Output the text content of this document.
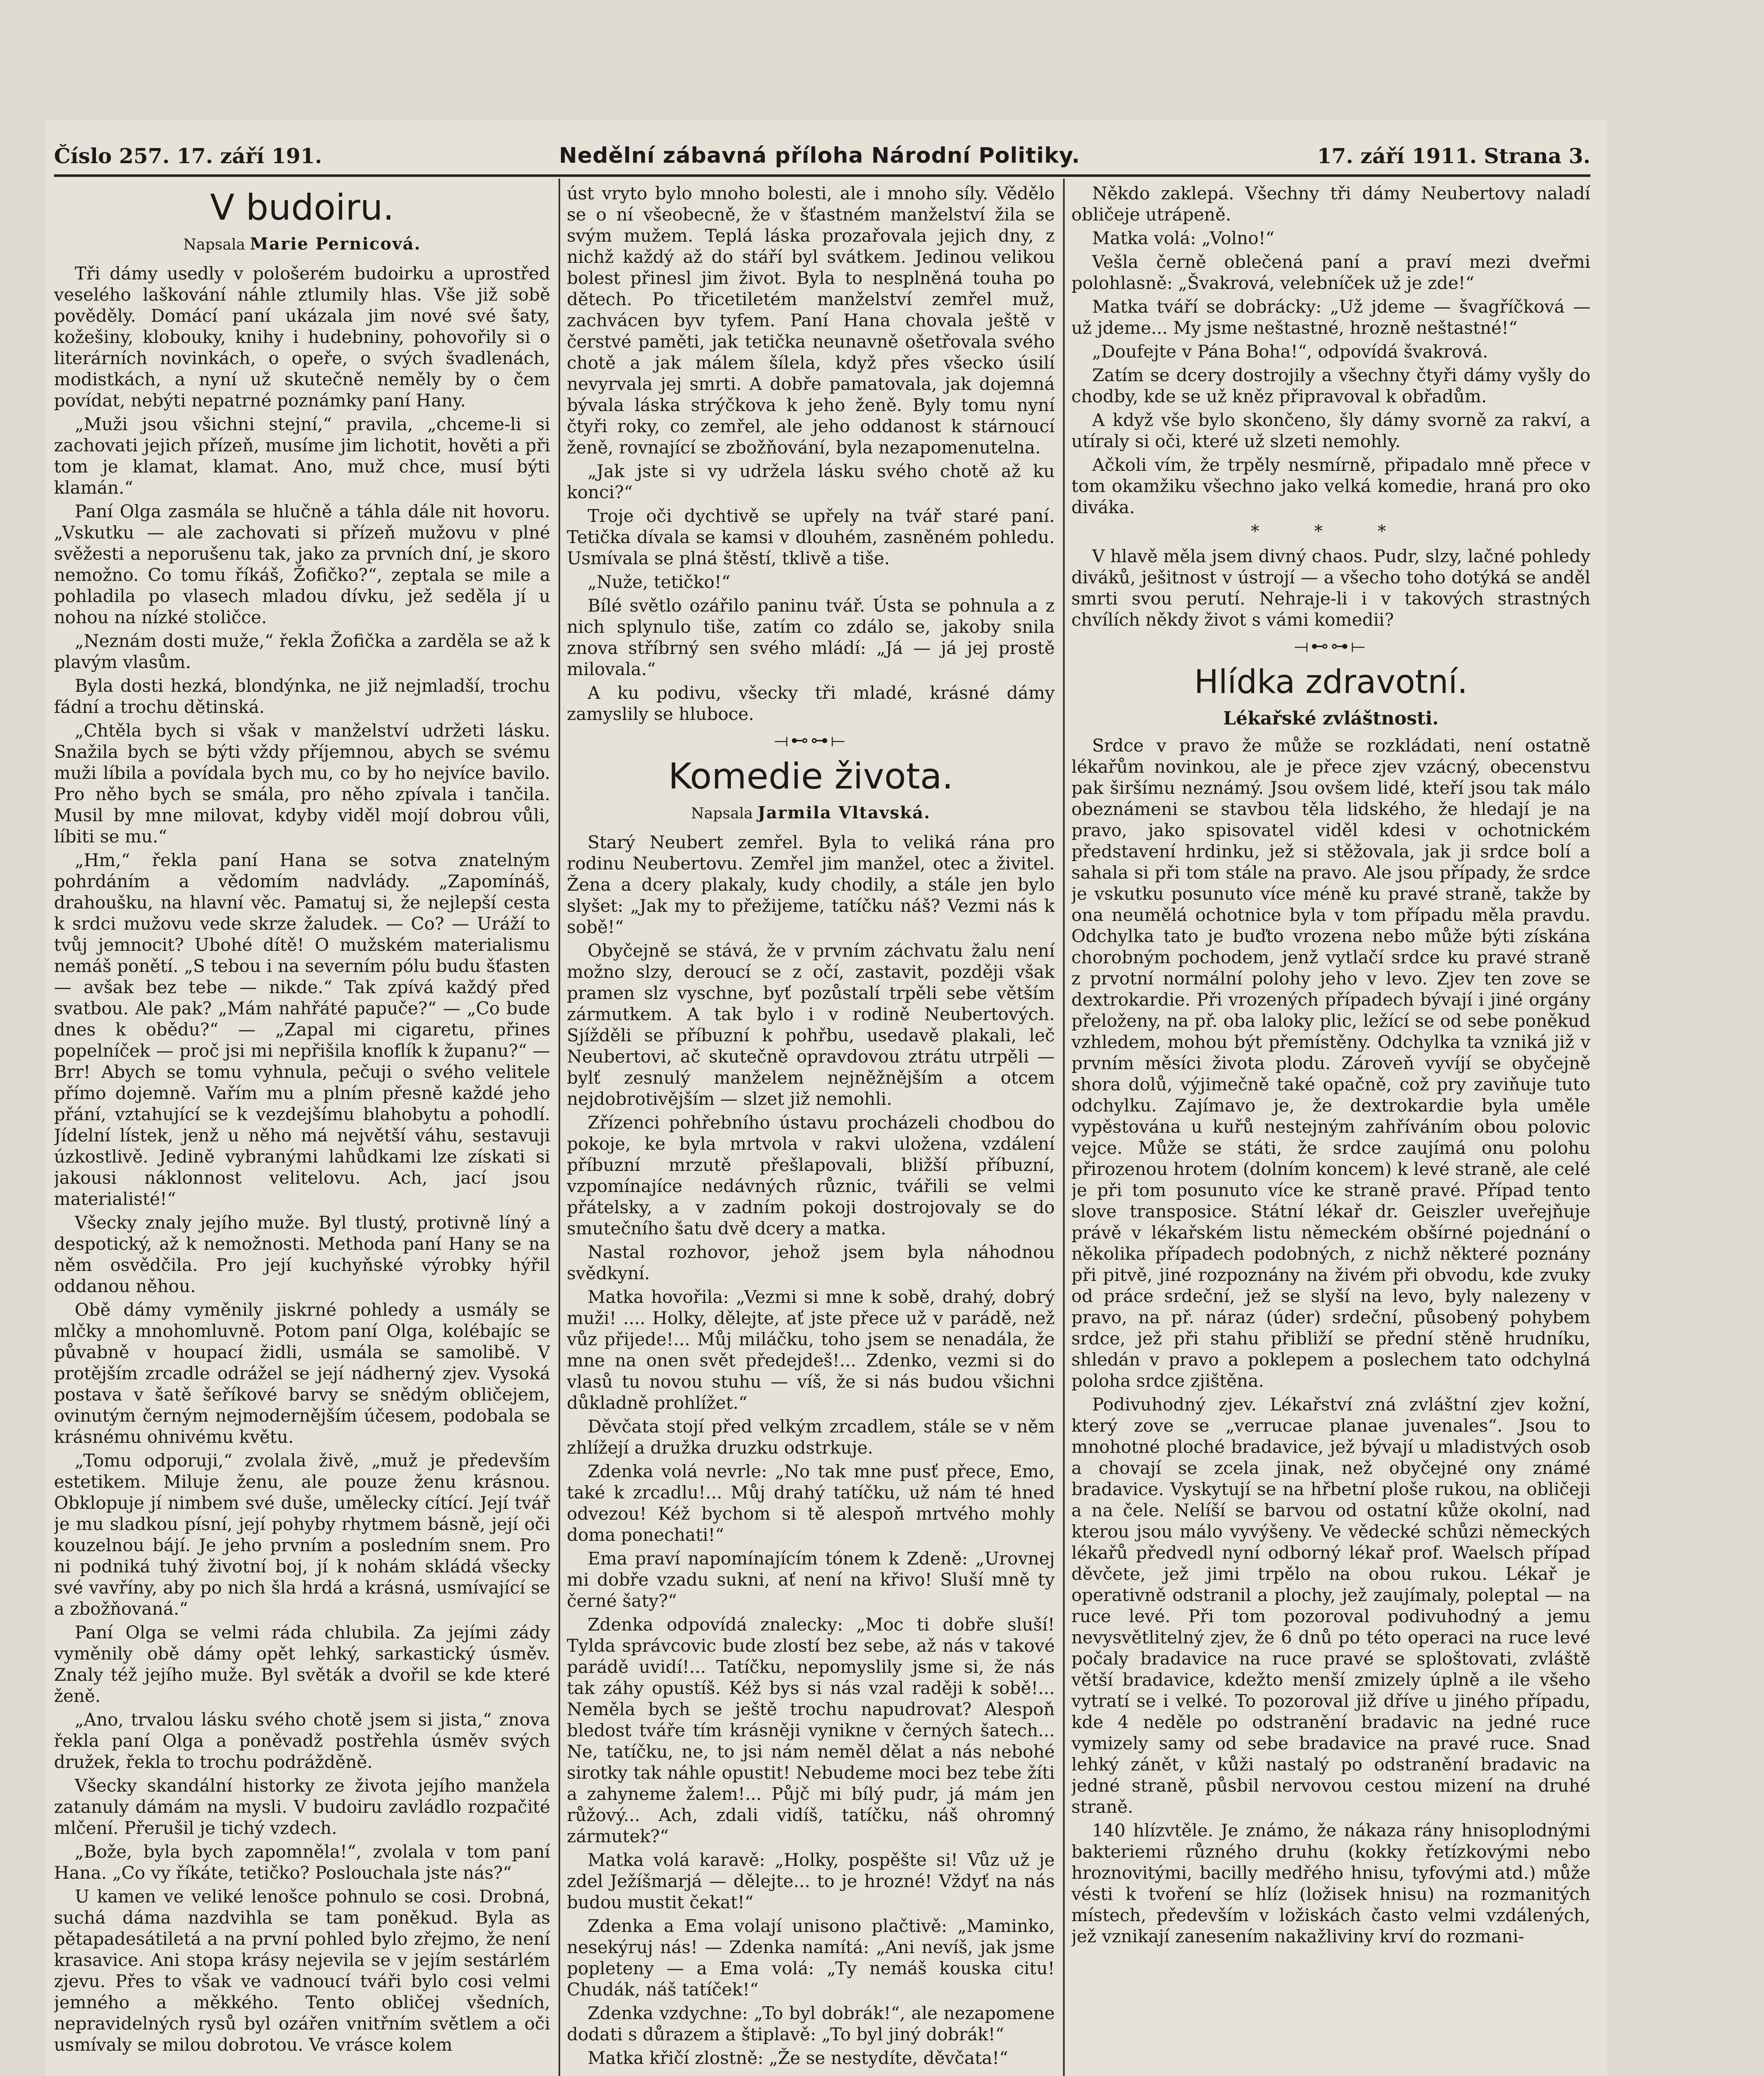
Číslo 257. 17. září 191.	Nedělní zábavná příloha Národní Politiky.	17. září 1911. Strana 3.
V budoiru.
Napsala Marie Pernicová.

Tři dámy usedly v pološerém budoirku a uprostřed veselého laškování náhle ztlumily hlas. Vše již sobě pověděly. Domácí paní ukázala jim nové své šaty, kožešiny, klobouky, knihy i hudebniny, pohovořily si o literárních novinkách, o opeře, o svých švadlenách, modistkách, a nyní už skutečně neměly by o čem povídat, nebýti nepatrné poznámky paní Hany.

„Muži jsou všichni stejní,“ pravila, „chceme-li si zachovati jejich přízeň, musíme jim lichotit, hověti a při tom je klamat, klamat. Ano, muž chce, musí býti klamán.“

Paní Olga zasmála se hlučně a táhla dále nit hovoru. „Vskutku — ale zachovati si přízeň mužovu v plné svěžesti a neporušenu tak, jako za prvních dní, je skoro nemožno. Co tomu říkáš, Žofičko?“, zeptala se mile a pohladila po vlasech mladou dívku, jež seděla jí u nohou na nízké stoličce.

„Neznám dosti muže,“ řekla Žofička a zarděla se až k plavým vlasům.

Byla dosti hezká, blondýnka, ne již nejmladší, trochu fádní a trochu dětinská.

„Chtěla bych si však v manželství udržeti lásku. Snažila bych se býti vždy příjemnou, abych se svému muži líbila a povídala bych mu, co by ho nejvíce bavilo. Pro něho bych se smála, pro něho zpívala i tančila. Musil by mne milovat, kdyby viděl mojí dobrou vůli, líbiti se mu.“

„Hm,“ řekla paní Hana se sotva znatelným pohrdáním a vědomím nadvlády. „Zapomínáš, drahoušku, na hlavní věc. Pamatuj si, že nejlepší cesta k srdci mužovu vede skrze žaludek. — Co? — Uráží to tvůj jemnocit? Ubohé dítě! O mužském materialismu nemáš ponětí. „S tebou i na severním pólu budu šťasten — avšak bez tebe — nikde.“ Tak zpívá každý před svatbou. Ale pak? „Mám nahřáté papuče?“ — „Co bude dnes k obědu?“ — „Zapal mi cigaretu, přines popelníček — proč jsi mi nepřišila knoflík k županu?“ — Brr! Abych se tomu vyhnula, pečuji o svého velitele přímo dojemně. Vařím mu a plním přesně každé jeho přání, vztahující se k vezdejšímu blahobytu a pohodlí. Jídelní lístek, jenž u něho má největší váhu, sestavuji úzkostlivě. Jedině vybranými lahůdkami lze získati si jakousi náklonnost velitelovu. Ach, jací jsou materialisté!“

Všecky znaly jejího muže. Byl tlustý, protivně líný a despotický, až k nemožnosti. Methoda paní Hany se na něm osvědčila. Pro její kuchyňské výrobky hýřil oddanou něhou.

Obě dámy vyměnily jiskrné pohledy a usmály se mlčky a mnohomluvně. Potom paní Olga, kolébajíc se půvabně v houpací židli, usmála se samolibě. V protějším zrcadle odrážel se její nádherný zjev. Vysoká postava v šatě šeříkové barvy se snědým obličejem, ovinutým černým nejmodernějším účesem, podobala se krásnému ohnivému květu.

„Tomu odporuji,“ zvolala živě, „muž je především estetikem. Miluje ženu, ale pouze ženu krásnou. Obklopuje jí nimbem své duše, umělecky cítící. Její tvář je mu sladkou písní, její pohyby rhytmem básně, její oči kouzelnou bájí. Je jeho prvním a posledním snem. Pro ni podniká tuhý životní boj, jí k nohám skládá všecky své vavříny, aby po nich šla hrdá a krásná, usmívající se a zbožňovaná.“

Paní Olga se velmi ráda chlubila. Za jejími zády vyměnily obě dámy opět lehký, sarkastický úsměv. Znaly též jejího muže. Byl světák a dvořil se kde které ženě.

„Ano, trvalou lásku svého chotě jsem si jista,“ znova řekla paní Olga a poněvadž postřehla úsměv svých družek, řekla to trochu podrážděně.

Všecky skandální historky ze života jejího manžela zatanuly dámám na mysli. V budoiru zavládlo rozpačité mlčení. Přerušil je tichý vzdech.

„Bože, byla bych zapomněla!“, zvolala v tom paní Hana. „Co vy říkáte, tetičko? Poslouchala jste nás?“

U kamen ve veliké lenošce pohnulo se cosi. Drobná, suchá dáma nazdvihla se tam poněkud. Byla as pětapadesátiletá a na první pohled bylo zřejmo, že není krasavice. Ani stopa krásy nejevila se v jejím sestárlém zjevu. Přes to však ve vadnoucí tváři bylo cosi velmi jemného a měkkého. Tento obličej všedních, nepravidelných rysů byl ozářen vnitřním světlem a oči usmívaly se milou dobrotou. Ve vrásce kolem

úst vryto bylo mnoho bolesti, ale i mnoho síly. Vědělo se o ní všeobecně, že v šťastném manželství žila se svým mužem. Teplá láska prozařovala jejich dny, z nichž každý až do stáří byl svátkem. Jedinou velikou bolest přinesl jim život. Byla to nesplněná touha po dětech. Po třicetiletém manželství zemřel muž, zachvácen byv tyfem. Paní Hana chovala ještě v čerstvé paměti, jak tetička neunavně ošetřovala svého chotě a jak málem šílela, když přes všecko úsilí nevyrvala jej smrti. A dobře pamatovala, jak dojemná bývala láska strýčkova k jeho ženě. Byly tomu nyní čtyři roky, co zemřel, ale jeho oddanost k stárnoucí ženě, rovnající se zbožňování, byla nezapomenutelna.

„Jak jste si vy udržela lásku svého chotě až ku konci?“

Troje oči dychtivě se upřely na tvář staré paní. Tetička dívala se kamsi v dlouhém, zasněném pohledu. Usmívala se plná štěstí, tklivě a tiše.

„Nuže, tetičko!“

Bílé světlo ozářilo paninu tvář. Ústa se pohnula a z nich splynulo tiše, zatím co zdálo se, jakoby snila znova stříbrný sen svého mládí: „Já — já jej prostě milovala.“

A ku podivu, všecky tři mladé, krásné dámy zamyslily se hluboce.

⟞⊷⊶⟝
Komedie života.
Napsala Jarmila Vltavská.

Starý Neubert zemřel. Byla to veliká rána pro rodinu Neubertovu. Zemřel jim manžel, otec a živitel. Žena a dcery plakaly, kudy chodily, a stále jen bylo slyšet: „Jak my to přežijeme, tatíčku náš? Vezmi nás k sobě!“

Obyčejně se stává, že v prvním záchvatu žalu není možno slzy, deroucí se z očí, zastavit, později však pramen slz vyschne, byť pozůstalí trpěli sebe větším zármutkem. A tak bylo i v rodině Neubertových. Sjížděli se příbuzní k pohřbu, usedavě plakali, leč Neubertovi, ač skutečně opravdovou ztrátu utrpěli — bylť zesnulý manželem nejněžnějším a otcem nejdobrotivějším — slzet již nemohli.

Zřízenci pohřebního ústavu procházeli chodbou do pokoje, ke byla mrtvola v rakvi uložena, vzdálení příbuzní mrzutě přešlapovali, bližší příbuzní, vzpomínajíce nedávných různic, tvářili se velmi přátelsky, a v zadním pokoji dostrojovaly se do smutečního šatu dvě dcery a matka.

Nastal rozhovor, jehož jsem byla náhodnou svědkyní.

Matka hovořila: „Vezmi si mne k sobě, drahý, dobrý muži! .... Holky, dělejte, ať jste přece už v parádě, než vůz přijede!... Můj miláčku, toho jsem se nenadála, že mne na onen svět předejdeš!... Zdenko, vezmi si do vlasů tu novou stuhu — víš, že si nás budou všichni důkladně prohlížet.“

Děvčata stojí před velkým zrcadlem, stále se v něm zhlížejí a družka druzku odstrkuje.

Zdenka volá nevrle: „No tak mne pusť přece, Emo, také k zrcadlu!... Můj drahý tatíčku, už nám té hned odvezou! Kéž bychom si tě alespoň mrtvého mohly doma ponechati!“

Ema praví napomínajícím tónem k Zdeně: „Urovnej mi dobře vzadu sukni, ať není na křivo! Sluší mně ty černé šaty?“

Zdenka odpovídá znalecky: „Moc ti dobře sluší! Tylda správcovic bude zlostí bez sebe, až nás v takové parádě uvidí!... Tatíčku, nepomyslily jsme si, že nás tak záhy opustíš. Kéž bys si nás vzal raději k sobě!... Neměla bych se ještě trochu napudrovat? Alespoň bledost tváře tím krásněji vynikne v černých šatech... Ne, tatíčku, ne, to jsi nám neměl dělat a nás nebohé sirotky tak náhle opustit! Nebudeme moci bez tebe žíti a zahyneme žalem!... Půjč mi bílý pudr, já mám jen růžový... Ach, zdali vidíš, tatíčku, náš ohromný zármutek?“

Matka volá karavě: „Holky, pospěšte si! Vůz už je zdel Ježíšmarjá — dělejte... to je hrozné! Vždyť na nás budou mustit čekat!“

Zdenka a Ema volají unisono plačtivě: „Maminko, nesekýruj nás! — Zdenka namítá: „Ani nevíš, jak jsme popleteny — a Ema volá: „Ty nemáš kouska citu! Chudák, náš tatíček!“

Zdenka vzdychne: „To byl dobrák!“, ale nezapomene dodati s důrazem a štiplavě: „To byl jiný dobrák!“

Matka křičí zlostně: „Že se nestydíte, děvčata!“

Někdo zaklepá. Všechny tři dámy Neubertovy naladí obličeje utrápeně.

Matka volá: „Volno!“

Vešla černě oblečená paní a praví mezi dveřmi polohlasně: „Švakrová, velebníček už je zde!“

Matka tváří se dobrácky: „Už jdeme — švagříčková — už jdeme... My jsme neštastné, hrozně neštastné!“

„Doufejte v Pána Boha!“, odpovídá švakrová.

Zatím se dcery dostrojily a všechny čtyři dámy vyšly do chodby, kde se už kněz připravoval k obřadům.

A když vše bylo skončeno, šly dámy svorně za rakví, a utíraly si oči, které už slzeti nemohly.

Ačkoli vím, že trpěly nesmírně, připadalo mně přece v tom okamžiku všechno jako velká komedie, hraná pro oko diváka.

* * *

V hlavě měla jsem divný chaos. Pudr, slzy, lačné pohledy diváků, ješitnost v ústrojí — a všecho toho dotýká se anděl smrti svou perutí. Nehraje-li i v takových strastných chvílích někdy život s vámi komedii?

⟞⊷⊶⟝
Hlídka zdravotní.
Lékařské zvláštnosti.

Srdce v pravo že může se rozkládati, není ostatně lékařům novinkou, ale je přece zjev vzácný, obecenstvu pak širšímu neznámý. Jsou ovšem lidé, kteří jsou tak málo obeznámeni se stavbou těla lidského, že hledají je na pravo, jako spisovatel viděl kdesi v ochotnickém představení hrdinku, jež si stěžovala, jak ji srdce bolí a sahala si při tom stále na pravo. Ale jsou případy, že srdce je vskutku posunuto více méně ku pravé straně, takže by ona neumělá ochotnice byla v tom případu měla pravdu. Odchylka tato je buďto vrozena nebo může býti získána chorobným pochodem, jenž vytlačí srdce ku pravé straně z prvotní normální polohy jeho v levo. Zjev ten zove se dextrokardie. Při vrozených případech bývají i jiné orgány přeloženy, na př. oba laloky plic, ležící se od sebe poněkud vzhledem, mohou být přemístěny. Odchylka ta vzniká již v prvním měsíci života plodu. Zároveň vyvíjí se obyčejně shora dolů, výjimečně také opačně, což pry zaviňuje tuto odchylku. Zajímavo je, že dextrokardie byla uměle vypěstována u kuřů nestejným zahříváním obou polovic vejce. Může se státi, že srdce zaujímá onu polohu přirozenou hrotem (dolním koncem) k levé straně, ale celé je při tom posunuto více ke straně pravé. Případ tento slove transposice. Státní lékař dr. Geiszler uveřejňuje právě v lékařském listu německém obšírné pojednání o několika případech podobných, z nichž některé poznány při pitvě, jiné rozpoznány na živém při obvodu, kde zvuky od práce srdeční, jež se slyší na levo, byly nalezeny v pravo, na př. náraz (úder) srdeční, působený pohybem srdce, jež při stahu přibliží se přední stěně hrudníku, shledán v pravo a poklepem a poslechem tato odchylná poloha srdce zjištěna.

Podivuhodný zjev. Lékařství zná zvláštní zjev kožní, který zove se „verrucae planae juvenales“. Jsou to mnohotné ploché bradavice, jež bývají u mladistvých osob a chovají se zcela jinak, než obyčejné ony známé bradavice. Vyskytují se na hřbetní ploše rukou, na obličeji a na čele. Nelíší se barvou od ostatní kůže okolní, nad kterou jsou málo vyvýšeny. Ve vědecké schůzi německých lékařů předvedl nyní odborný lékař prof. Waelsch případ děvčete, jež jimi trpělo na obou rukou. Lékař je operativně odstranil a plochy, jež zaujímaly, poleptal — na ruce levé. Při tom pozoroval podivuhodný a jemu nevysvětlitelný zjev, že 6 dnů po této operaci na ruce levé počaly bradavice na ruce pravé se sploštovati, zvláště větší bradavice, kdežto menší zmizely úplně a ile všeho vytratí se i velké. To pozoroval již dříve u jiného případu, kde 4 neděle po odstranění bradavic na jedné ruce vymizely samy od sebe bradavice na pravé ruce. Snad lehký zánět, v kůži nastalý po odstranění bradavic na jedné straně, půsbil nervovou cestou mizení na druhé straně.

140 hlízvtěle. Je známo, že nákaza rány hnisoplodnými bakteriemi různého druhu (kokky řetízkovými nebo hroznovitými, bacilly medřého hnisu, tyfovými atd.) může vésti k tvoření se hlíz (ložisek hnisu) na rozmanitých místech, především v ložiskách často velmi vzdálených, jež vznikají zanesením nakažliviny krví do rozmani-
